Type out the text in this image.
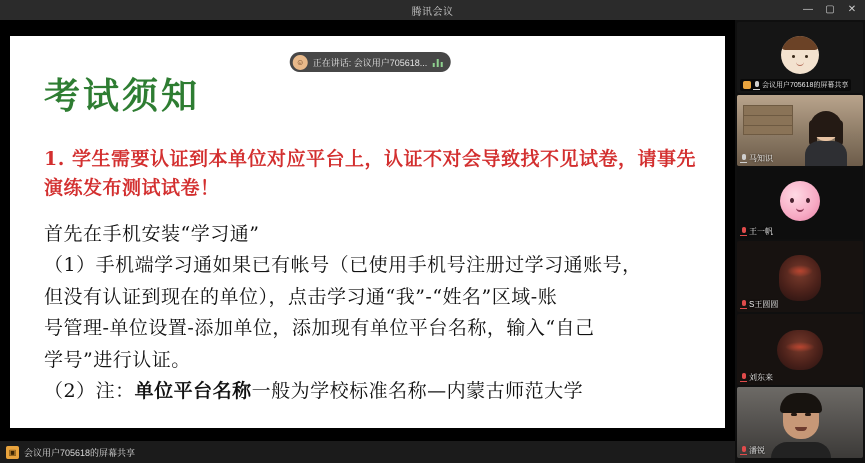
腾讯会议	—	▢	✕
考试须知
1. 学生需要认证到本单位对应平台上，认证不对会导致找不见试卷，请事先演练发布测试试卷！

首先在手机安装“学习通”

（1）手机端学习通如果已有帐号（已使用手机号注册过学习通账号，

但没有认证到现在的单位），点击学习通“我”-“姓名”区域-账

号管理-单位设置-添加单位，添加现有单位平台名称，输入“自己

学号”进行认证。

（2）注：单位平台名称一般为学校标准名称—内蒙古师范大学

☺ 正在讲话: 会议用户705618...
▣ 会议用户705618的屏幕共享
会议用户705618的屏幕共享
马知识
王一帆
S王圆圆
刘东来
潘锐
